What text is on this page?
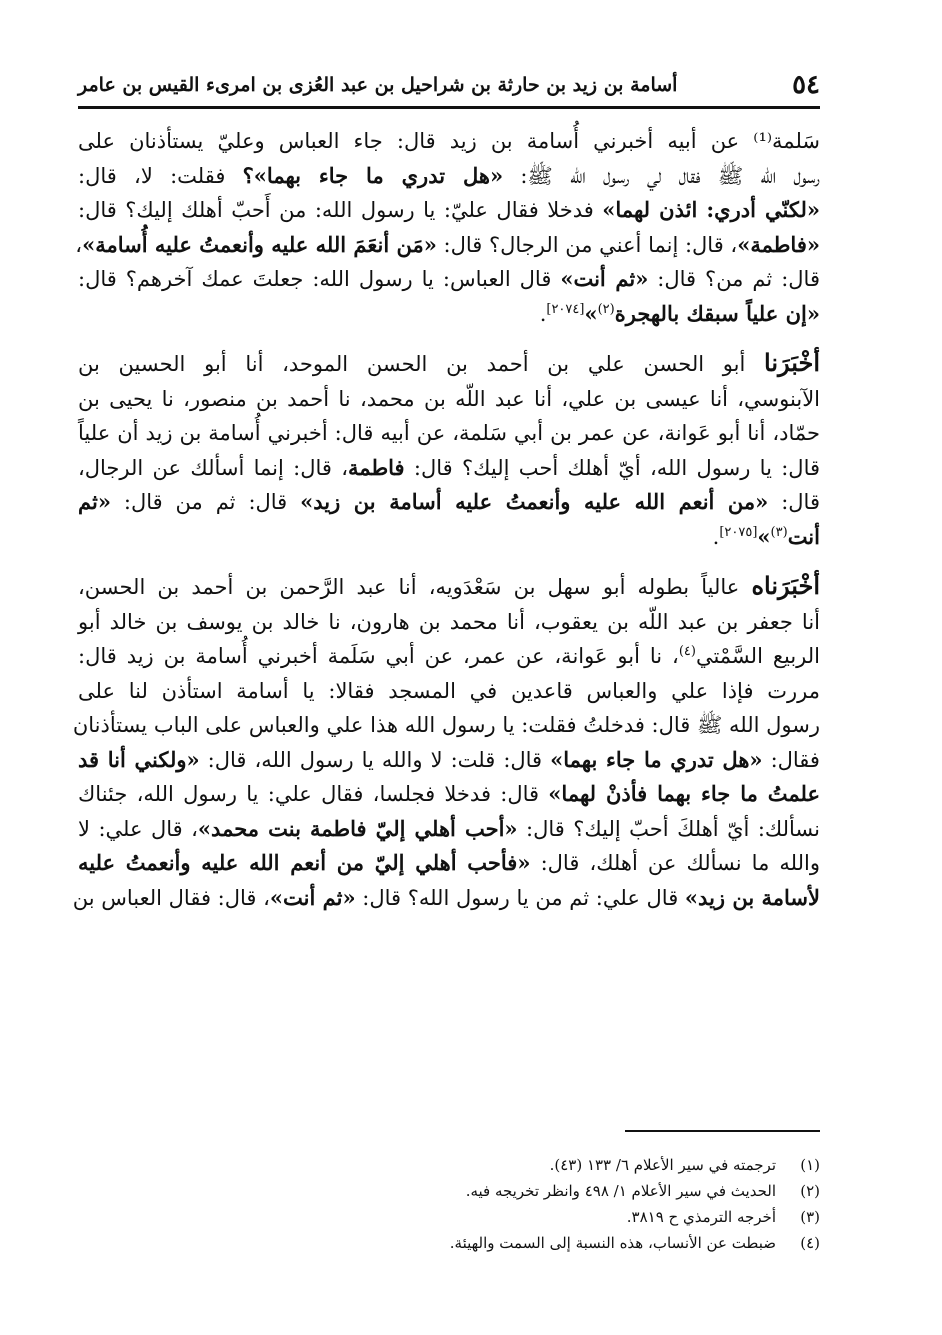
٥٤
أسامة بن زيد بن حارثة بن شراحيل بن عبد العُزى بن امرىء القيس بن عامر

سَلمة⁽¹⁾ عن أبيه أخبرني أُسامة بن زيد قال: جاء العباس وعليّ يستأذنان على
رسول الله ﷺ فقال لي رسول الله ﷺ: «هل تدري ما جاء بهما»؟ فقلت: لا، قال:
«لكنّي أدري: ائذن لهما» فدخلا فقال عليّ: يا رسول الله: من أَحبّ أهلك إليك؟ قال:
«فاطمة»، قال: إنما أعني من الرجال؟ قال: «مَن أنعَمَ الله عليه وأنعمتُ عليه أُسامة»،
قال: ثم من؟ قال: «ثم أنت» قال العباس: يا رسول الله: جعلتَ عمك آخرهم؟ قال:
«إن علياً سبقك بالهجرة$^{(٢)}$»[٢٠٧٤].

أخْبَرَنا أبو الحسن علي بن أحمد بن الحسن الموحد، أنا أبو الحسين بن
الآبنوسي، أنا عيسى بن علي، أنا عبد اللّه بن محمد، نا أحمد بن منصور، نا يحيى بن
حمّاد، أنا أبو عَوانة، عن عمر بن أبي سَلمة، عن أبيه قال: أخبرني أُسامة بن زيد أن علياً
قال: يا رسول الله، أيّ أهلك أحب إليك؟ قال: فاطمة، قال: إنما أسألك عن الرجال،
قال: «من أنعم الله عليه وأنعمتُ عليه أسامة بن زيد» قال: ثم من قال: «ثم
أنت$^{(٣)}$»[٢٠٧٥].

أخْبَرَناه عالياً بطوله أبو سهل بن سَعْدَويه، أنا عبد الرَّحمن بن أحمد بن الحسن،
أنا جعفر بن عبد اللّه بن يعقوب، أنا محمد بن هارون، نا خالد بن يوسف بن خالد أبو
الربيع السَّمْتي$^{(٤)}$، نا أبو عَوانة، عن عمر، عن أبي سَلَمة أخبرني أُسامة بن زيد قال:
مررت فإذا علي والعباس قاعدين في المسجد فقالا: يا أسامة استأذن لنا على
رسول الله ﷺ قال: فدخلتُ فقلت: يا رسول الله هذا علي والعباس على الباب يستأذنان
فقال: «هل تدري ما جاء بهما» قال: قلت: لا والله يا رسول الله، قال: «ولكني أنا قد
علمتُ ما جاء بهما فأذنْ لهما» قال: فدخلا فجلسا، فقال علي: يا رسول الله، جئناك
نسألك: أيّ أهلكَ أحبّ إليك؟ قال: «أحب أهلي إليّ فاطمة بنت محمد»، قال علي: لا
والله ما نسألك عن أهلك، قال: «فأحب أهلي إليّ من أنعم الله عليه وأنعمتُ عليه
لأسامة بن زيد» قال علي: ثم من يا رسول الله؟ قال: «ثم أنت»، قال: فقال العباس بن

(١)ترجمته في سير الأعلام ٦/ ١٣٣ (٤٣).
(٢)الحديث في سير الأعلام ١/ ٤٩٨ وانظر تخريجه فيه.
(٣)أخرجه الترمذي ح ٣٨١٩.
(٤)ضبطت عن الأنساب، هذه النسبة إلى السمت والهيئة.
